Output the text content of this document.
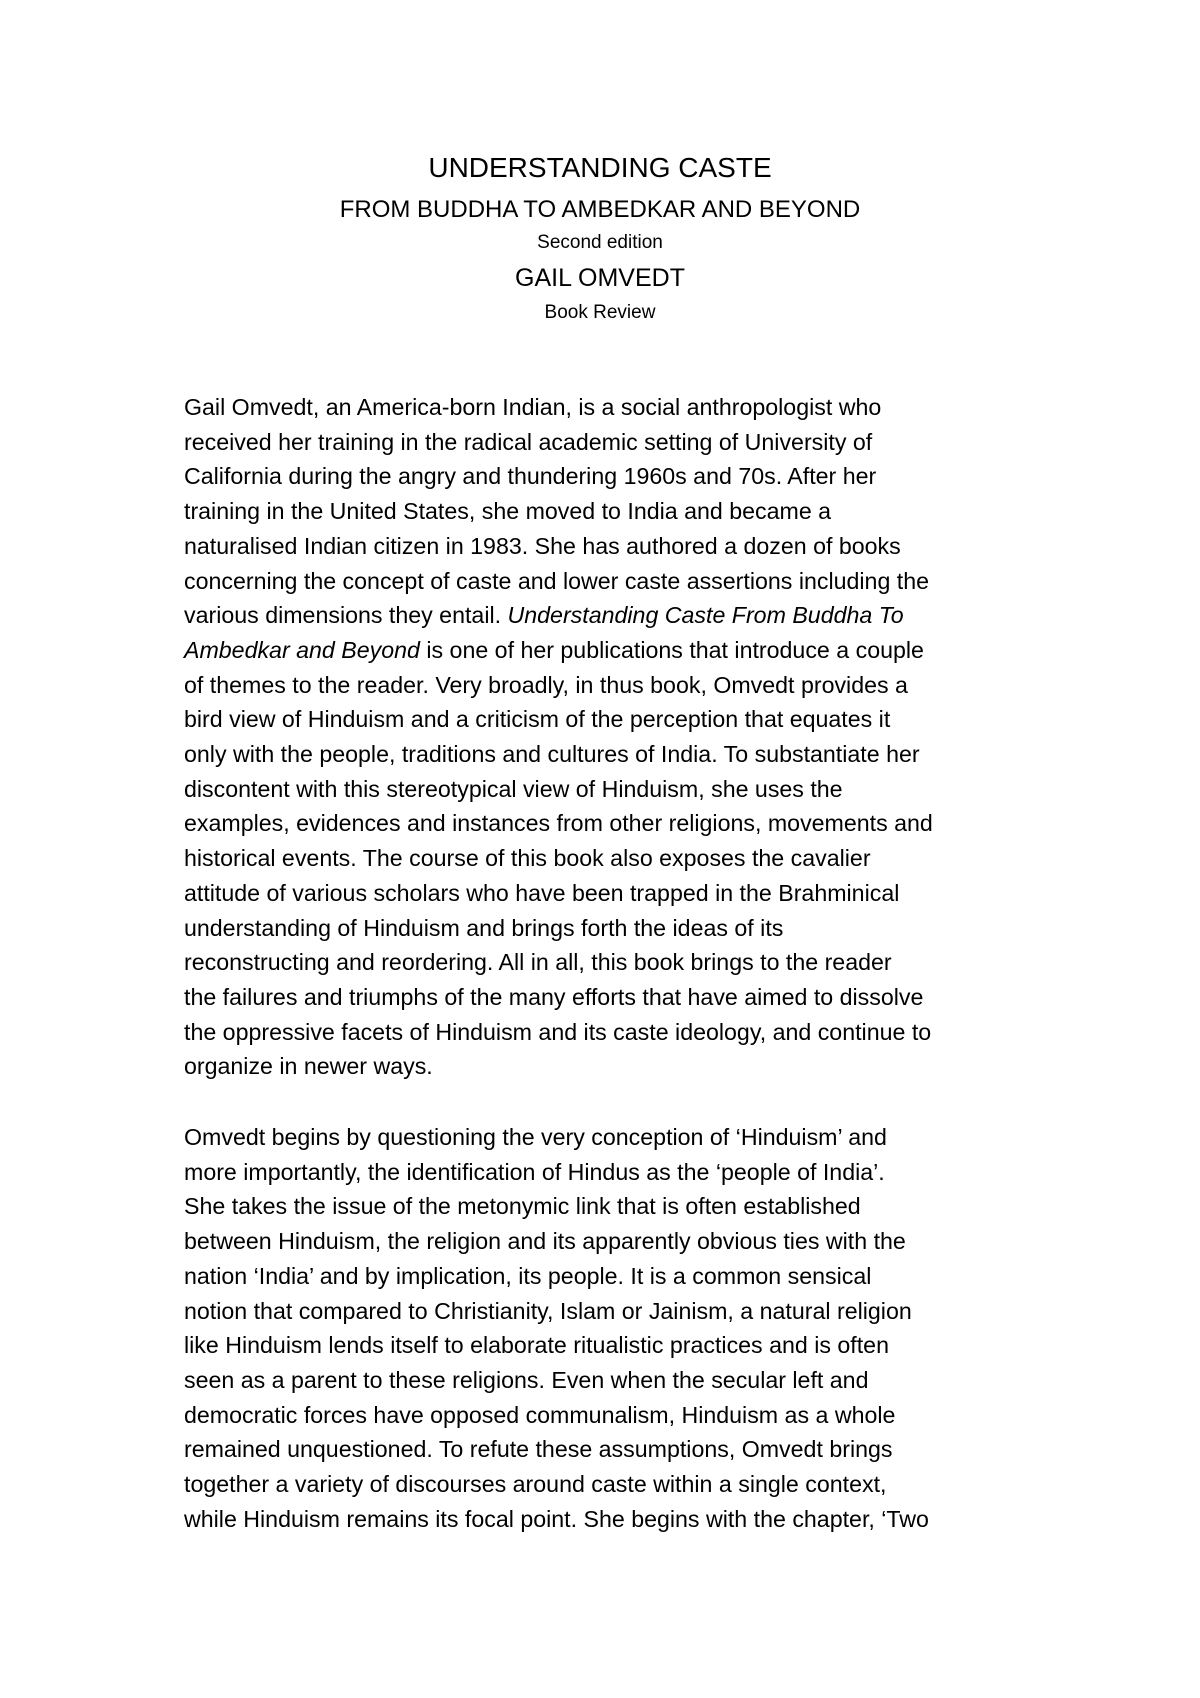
UNDERSTANDING CASTE
FROM BUDDHA TO AMBEDKAR AND BEYOND
Second edition
GAIL OMVEDT
Book Review
Gail Omvedt, an America-born Indian, is a social anthropologist who
received her training in the radical academic setting of University of
California during the angry and thundering 1960s and 70s. After her
training in the United States, she moved to India and became a
naturalised Indian citizen in 1983. She has authored a dozen of books
concerning the concept of caste and lower caste assertions including the
various dimensions they entail. Understanding Caste From Buddha To
Ambedkar and Beyond is one of her publications that introduce a couple
of themes to the reader. Very broadly, in thus book, Omvedt provides a
bird view of Hinduism and a criticism of the perception that equates it
only with the people, traditions and cultures of India. To substantiate her
discontent with this stereotypical view of Hinduism, she uses the
examples, evidences and instances from other religions, movements and
historical events. The course of this book also exposes the cavalier
attitude of various scholars who have been trapped in the Brahminical
understanding of Hinduism and brings forth the ideas of its
reconstructing and reordering. All in all, this book brings to the reader
the failures and triumphs of the many efforts that have aimed to dissolve
the oppressive facets of Hinduism and its caste ideology, and continue to
organize in newer ways.
Omvedt begins by questioning the very conception of ‘Hinduism’ and
more importantly, the identification of Hindus as the ‘people of India’.
She takes the issue of the metonymic link that is often established
between Hinduism, the religion and its apparently obvious ties with the
nation ‘India’ and by implication, its people. It is a common sensical
notion that compared to Christianity, Islam or Jainism, a natural religion
like Hinduism lends itself to elaborate ritualistic practices and is often
seen as a parent to these religions. Even when the secular left and
democratic forces have opposed communalism, Hinduism as a whole
remained unquestioned. To refute these assumptions, Omvedt brings
together a variety of discourses around caste within a single context,
while Hinduism remains its focal point. She begins with the chapter, ‘Two
